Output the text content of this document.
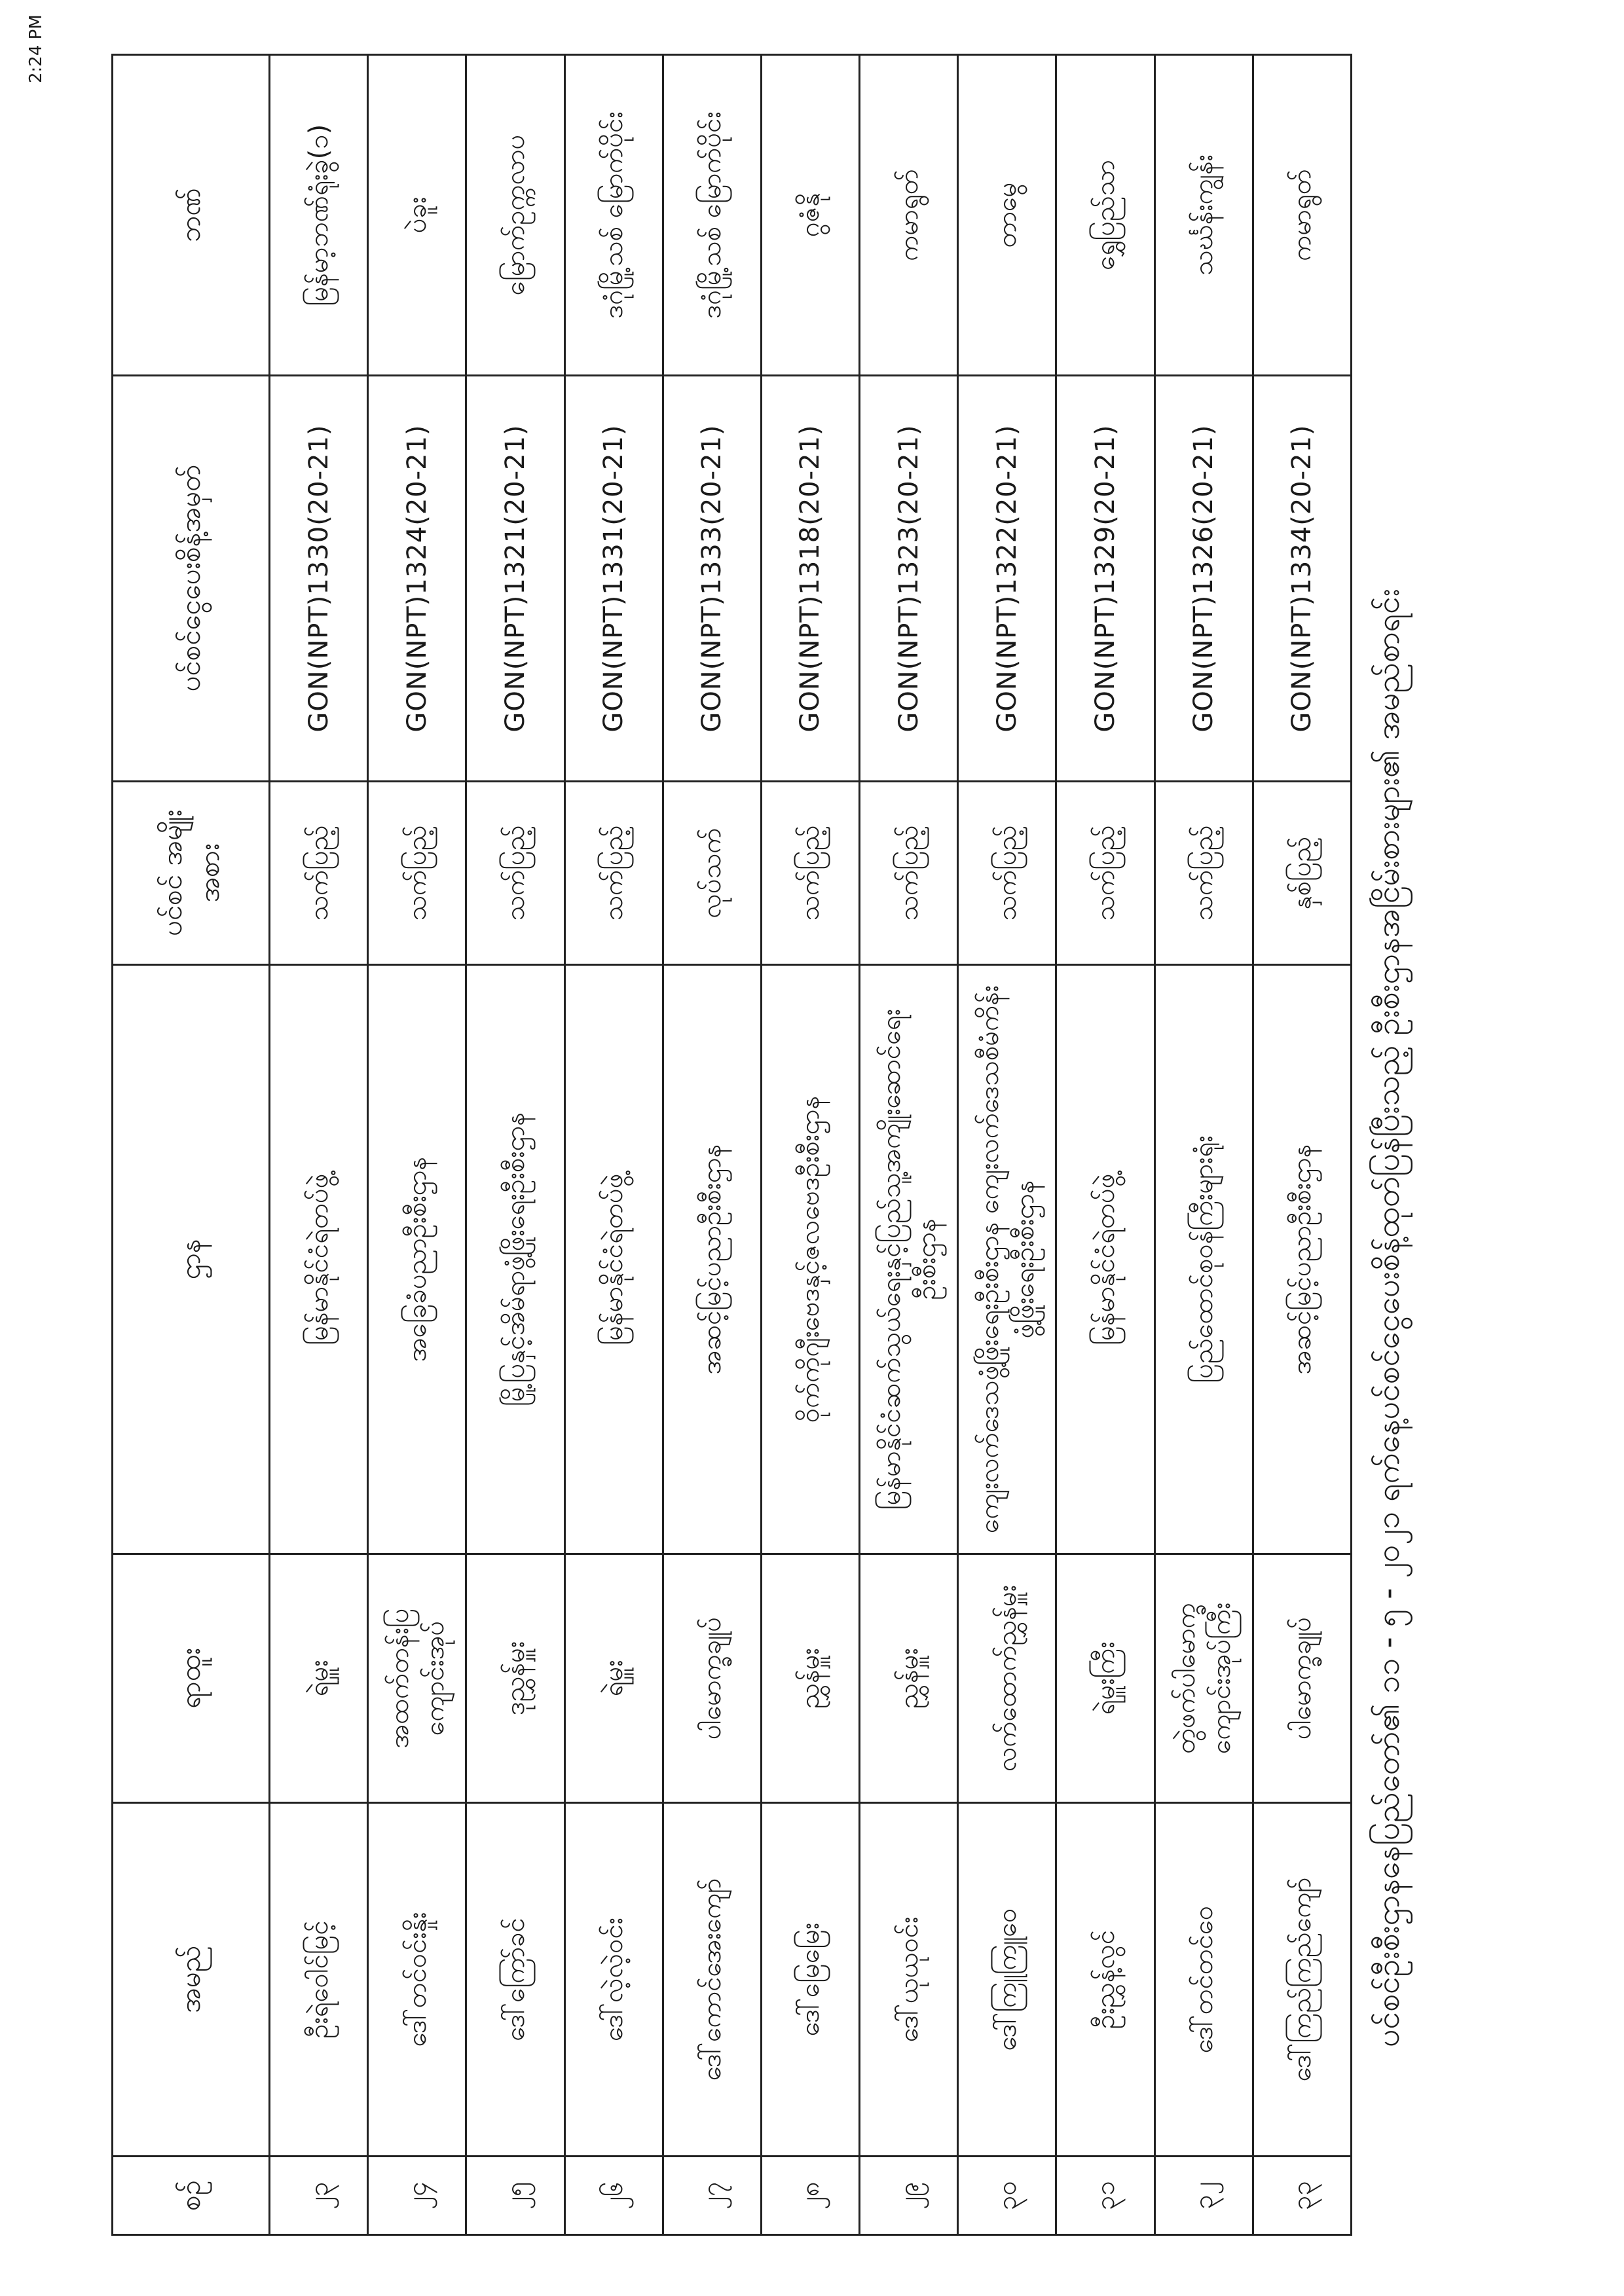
ပင်စင်ဦးစီးဌာနနေပြည်တော်၏ ၁၁ - ၅ - ၂၀၂၁ ရက်နေ့ပင်စင်ငွေပေးစိန့်ထုတ်ပြန်ပြီးသည့် ဦးစီးဌာနအငြိမ်းစားများ၏ အမည်စာရင်း
2:24 PM
စဉ်	အမည်	ရာထူး	ဌာန	ပင်စင် အမျိုးအစား	ပင်စင်ငွေပေးစိန့်အမှတ်	ဘဏ်
၂၃	ဦးရဲဝေါင်မြင့်	ရဲမှူး	မြန်မာနိုင်ငံရဲတပ်ဖွဲ့	သက်ပြည့်	GON(NPT)1330(20-21)	မြန်မာ့ဘဏ်ရုံးခွဲ(၁)
၂၄	ဒေါ်တင်ဝင်းနှိုး	အထက်တန်းပြ ကျောင်းအုပ်	အခြေခံပညာဦးစီးဌာန	သက်ပြည့်	GON(NPT)1324(20-21)	ပဲခူး
၂၅	ဒေါ်ကြော်ခင်	ဒုညွှန်မှူး	မြို့ပြနှင့်အိမ်ရာဖွံ့ဖြိုးရေးဦးစီးဌာန	သက်ပြည့်	GON(NPT)1321(20-21)	မြောက်ဥက္ကလာပ
၂၆	ဒေါ်လဲ့လဲ့ဝင်း	ရဲမှူး	မြန်မာနိုင်ငံရဲတပ်ဖွဲ့	သက်ပြည့်	GON(NPT)1331(20-21)	ဒဂုံမြို့သစ် မြောက်ပိုင်း
၂၇	ဒေါ်ကောင်အေးကျော်	ပါမောက္ခချုပ်	အဆင့်မြင့်ပညာဦးစီးဌာန	လုပ်သက်	GON(NPT)1333(20-21)	ဒဂုံမြို့သစ် မြောက်ပိုင်း
၂၈	ဒေါ်မြေမြေး	ညွှန်မှူး	ဝိုက်ကိုဂျီးဗေဒနှင့်ဇလဗေဒဦးစီးဌာန	သက်ပြည့်	GON(NPT)1318(20-21)	ဂွဇံနို
၂၉	ဒေါ်ယုယုဝင်း	ညွှန်မှူး	မြန်မာနိုင်ငံဆက်သွယ်ရေးနှင့်ပြည်သူ့အကျိုးဆောင်ရေး ဦးစီးဌာန	သက်ပြည့်	GON(NPT)1323(20-21)	ကမာရွတ်
၃၀	ဒေါ်ကြူကြူဝေ	လက်ထောက်ညွှန်မှူး	ကျေးလက်ဒေသဖွံ့ဖြိုးရေးဦးစီးဌာန ကျေးလက်ဒေသစီမံကိန်းဖွံ့ဖြိုးရေးဦးစီးဌာန	သက်ပြည့်	GON(NPT)1322(20-21)	တာမွေ
၃၁	ဦးညွှန့်လွင်	ရဲမှူးကြီး	မြန်မာနိုင်ငံရဲတပ်ဖွဲ့	သက်ပြည့်	GON(NPT)1329(20-21)	ရွှေပြည်သာ
၃၂	ဒေါ်တင်တင်ဝေ	တွဲဖက်ပါမောက္ခ ကျောင်းအုပ်ကြီး	ပြည်ထောင်စုဝန်ကြီးများရုံး	သက်ပြည့်	GON(NPT)1326(20-21)	သင်္ဃန်းကျွန်း
၃၃	ဒေါ်ကြည်ကြည်ကျော်	ပါမောက္ခချုပ်	အဆင့်မြင့်ပညာဦးစီးဌာန	နှစ်ပြည့်	GON(NPT)1334(20-21)	ကမာရွတ်
